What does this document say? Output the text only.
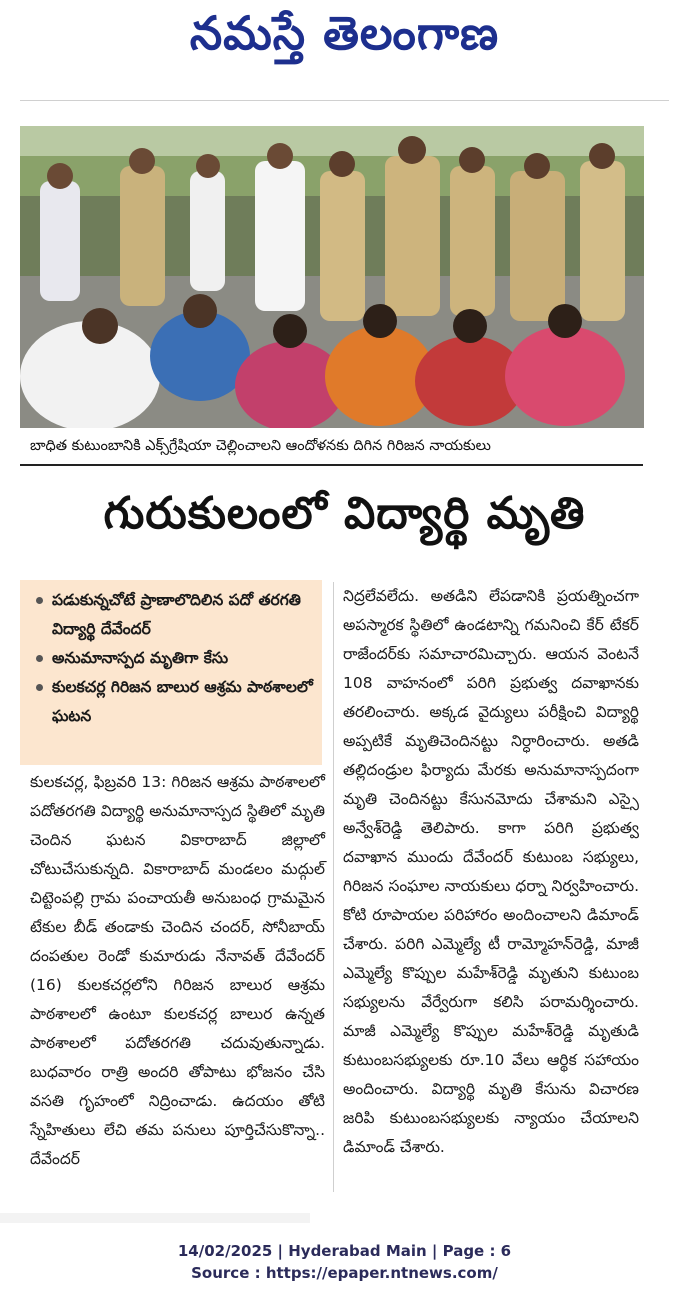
నమస్తే తెలంగాణ
బాధిత కుటుంబానికి ఎక్స్‌గ్రేషియా చెల్లించాలని ఆందోళనకు దిగిన గిరిజన నాయకులు
గురుకులంలో విద్యార్థి మృతి
పడుకున్నచోటే ప్రాణాలొదిలిన పదో తరగతి విద్యార్థి దేవేందర్
అనుమానాస్పద మృతిగా కేసు
కులకచర్ల గిరిజన బాలుర ఆశ్రమ పాఠశాలలో ఘటన

కులకచర్ల, ఫిబ్రవరి 13: గిరిజన ఆశ్రమ పాఠశాలలో పదోతరగతి విద్యార్థి అనుమానాస్పద స్థితిలో మృతి చెందిన ఘటన వికారాబాద్ జిల్లాలో చోటుచేసుకున్నది. వికారాబాద్ మండలం మద్గుల్ చిట్టెంపల్లి గ్రామ పంచాయతీ అనుబంధ గ్రామమైన టేకుల బీడ్ తండాకు చెందిన చందర్, సోనీబాయ్ దంపతుల రెండో కుమారుడు నేనావత్ దేవేందర్ (16) కులకచర్లలోని గిరిజన బాలుర ఆశ్రమ పాఠశాలలో ఉంటూ కులకచర్ల బాలుర ఉన్నత పాఠశాలలో పదోతరగతి చదువుతున్నాడు. బుధవారం రాత్రి అందరి తోపాటు భోజనం చేసి వసతి గృహంలో నిద్రించాడు. ఉదయం తోటి స్నేహితులు లేచి తమ పనులు పూర్తిచేసుకొన్నా.. దేవేందర్

నిద్రలేవలేదు. అతడిని లేపడానికి ప్రయత్నించగా అపస్మారక స్థితిలో ఉండటాన్ని గమనించి కేర్ టేకర్ రాజేందర్‌కు సమాచారమిచ్చారు. ఆయన వెంటనే 108 వాహనంలో పరిగి ప్రభుత్వ దవాఖానకు తరలించారు. అక్కడ వైద్యులు పరీక్షించి విద్యార్థి అప్పటికే మృతిచెందినట్టు నిర్ధారించారు. అతడి తల్లిదండ్రుల ఫిర్యాదు మేరకు అనుమానాస్పదంగా మృతి చెందినట్టు కేసునమోదు చేశామని ఎస్సై అన్వేశ్‌రెడ్డి తెలిపారు. కాగా పరిగి ప్రభుత్వ దవాఖాన ముందు దేవేందర్ కుటుంబ సభ్యులు, గిరిజన సంఘాల నాయకులు ధర్నా నిర్వహించారు. కోటి రూపాయల పరిహారం అందించాలని డిమాండ్ చేశారు. పరిగి ఎమ్మెల్యే టీ రామ్మోహన్‌రెడ్డి, మాజీ ఎమ్మెల్యే కొప్పుల మహేశ్‌రెడ్డి మృతుని కుటుంబ సభ్యులను వేర్వేరుగా కలిసి పరామర్శించారు. మాజీ ఎమ్మెల్యే కొప్పుల మహేశ్‌రెడ్డి మృతుడి కుటుంబసభ్యులకు రూ.10 వేలు ఆర్థిక సహాయం అందించారు. విద్యార్థి మృతి కేసును విచారణ జరిపి కుటుంబసభ్యులకు న్యాయం చేయాలని డిమాండ్ చేశారు.

14/02/2025 | Hyderabad Main | Page : 6
Source : https://epaper.ntnews.com/
